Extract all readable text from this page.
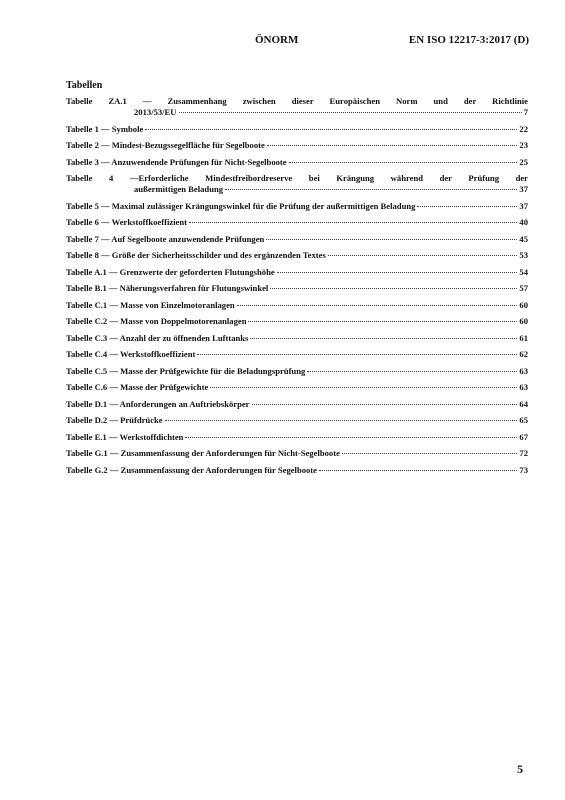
ÖNORM	EN ISO 12217-3:2017 (D)
Tabellen
Tabelle ZA.1 — Zusammenhang zwischen dieser Europäischen Norm und der Richtlinie
2013/53/EU	7
Tabelle 1 — Symbole	22
Tabelle 2 — Mindest-Bezugssegelfläche für Segelboote	23
Tabelle 3 — Anzuwendende Prüfungen für Nicht-Segelboote	25
Tabelle 4 —Erforderliche Mindestfreibordreserve bei Krängung während der Prüfung der
außermittigen Beladung	37
Tabelle 5 — Maximal zulässiger Krängungswinkel für die Prüfung der außermittigen Beladung	37
Tabelle 6 — Werkstoffkoeffizient	40
Tabelle 7 — Auf Segelboote anzuwendende Prüfungen	45
Tabelle 8 — Größe der Sicherheitsschilder und des ergänzenden Textes	53
Tabelle A.1 — Grenzwerte der geforderten Flutungshöhe	54
Tabelle B.1 — Näherungsverfahren für Flutungswinkel	57
Tabelle C.1 — Masse von Einzelmotoranlagen	60
Tabelle C.2 — Masse von Doppelmotorenanlagen	60
Tabelle C.3 — Anzahl der zu öffnenden Lufttanks	61
Tabelle C.4 — Werkstoffkoeffizient	62
Tabelle C.5 — Masse der Prüfgewichte für die Beladungsprüfung	63
Tabelle C.6 — Masse der Prüfgewichte	63
Tabelle D.1 — Anforderungen an Auftriebskörper	64
Tabelle D.2 — Prüfdrücke	65
Tabelle E.1 — Werkstoffdichten	67
Tabelle G.1 — Zusammenfassung der Anforderungen für Nicht-Segelboote	72
Tabelle G.2 — Zusammenfassung der Anforderungen für Segelboote	73
5
